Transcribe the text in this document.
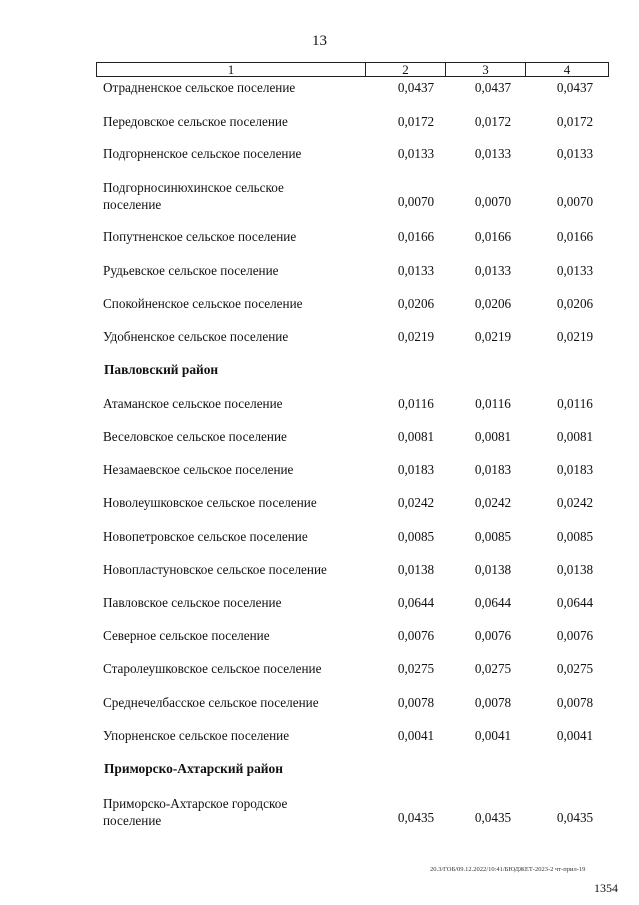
13
1	2	3	4
Отрадненское сельское поселение	0,0437	0,0437	0,0437
Передовское сельское поселение	0,0172	0,0172	0,0172
Подгорненское сельское поселение	0,0133	0,0133	0,0133
Подгорносинюхинское сельское
поселение	0,0070	0,0070	0,0070
Попутненское сельское поселение	0,0166	0,0166	0,0166
Рудьевское сельское поселение	0,0133	0,0133	0,0133
Спокойненское сельское поселение	0,0206	0,0206	0,0206
Удобненское сельское поселение	0,0219	0,0219	0,0219
Павловский район
Атаманское сельское поселение	0,0116	0,0116	0,0116
Веселовское сельское поселение	0,0081	0,0081	0,0081
Незамаевское сельское поселение	0,0183	0,0183	0,0183
Новолеушковское сельское поселение	0,0242	0,0242	0,0242
Новопетровское сельское поселение	0,0085	0,0085	0,0085
Новопластуновское сельское поселение	0,0138	0,0138	0,0138
Павловское сельское поселение	0,0644	0,0644	0,0644
Северное сельское поселение	0,0076	0,0076	0,0076
Старолеушковское сельское поселение	0,0275	0,0275	0,0275
Среднечелбасское сельское поселение	0,0078	0,0078	0,0078
Упорненское сельское поселение	0,0041	0,0041	0,0041
Приморско-Ахтарский район
Приморско-Ахтарское городское
поселение	0,0435	0,0435	0,0435
20.3/ГОБ/09.12.2022/10:41/БЮДЖЕТ-2023-2 чт-прил-19
1354
